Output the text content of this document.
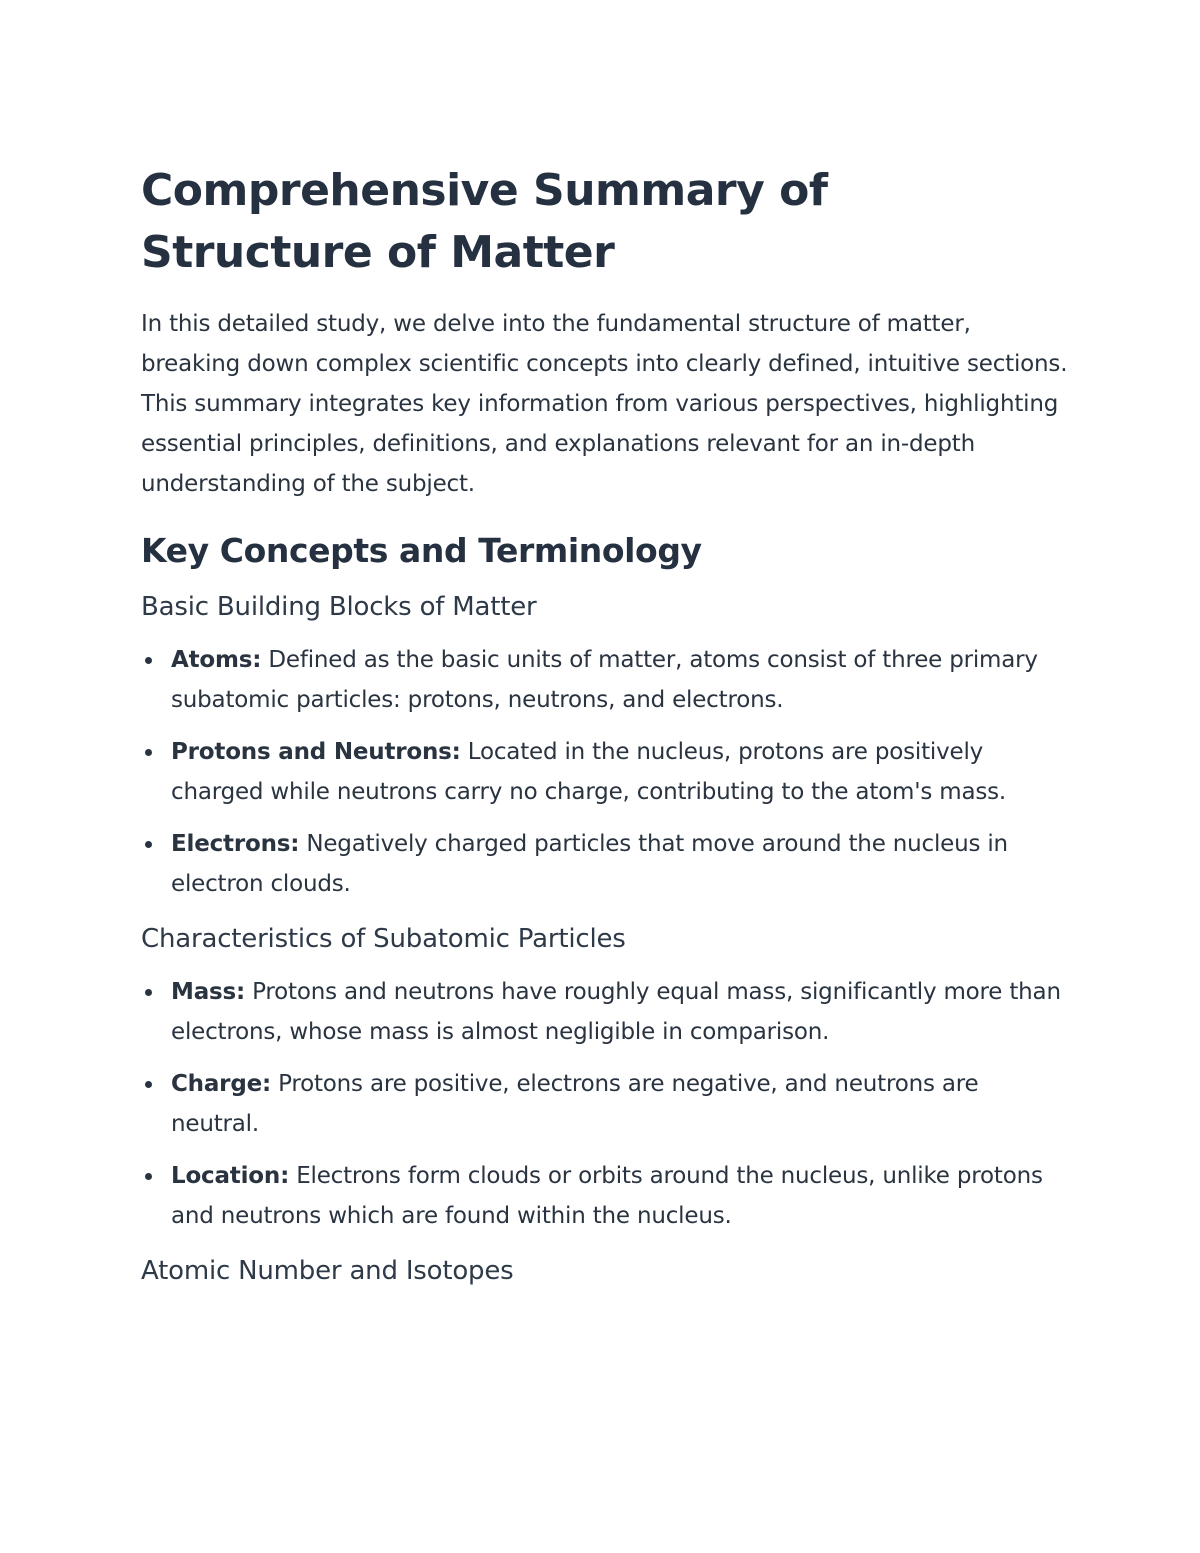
Comprehensive Summary of Structure of Matter

In this detailed study, we delve into the fundamental structure of matter, breaking down complex scientific concepts into clearly defined, intuitive sections. This summary integrates key information from various perspectives, highlighting essential principles, definitions, and explanations relevant for an in-depth understanding of the subject.

Key Concepts and Terminology
Basic Building Blocks of Matter
Atoms: Defined as the basic units of matter, atoms consist of three primary subatomic particles: protons, neutrons, and electrons.
Protons and Neutrons: Located in the nucleus, protons are positively charged while neutrons carry no charge, contributing to the atom's mass.
Electrons: Negatively charged particles that move around the nucleus in electron clouds.
Characteristics of Subatomic Particles
Mass: Protons and neutrons have roughly equal mass, significantly more than electrons, whose mass is almost negligible in comparison.
Charge: Protons are positive, electrons are negative, and neutrons are neutral.
Location: Electrons form clouds or orbits around the nucleus, unlike protons and neutrons which are found within the nucleus.
Atomic Number and Isotopes
